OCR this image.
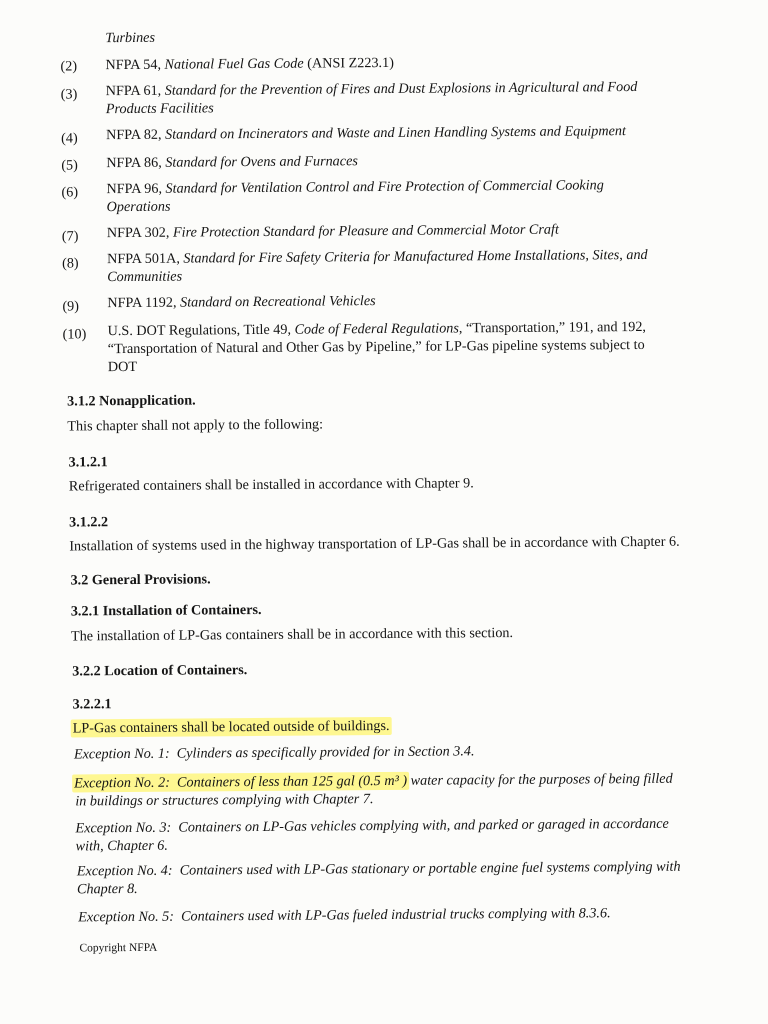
Turbines
(2) NFPA 54, National Fuel Gas Code (ANSI Z223.1)
(3) NFPA 61, Standard for the Prevention of Fires and Dust Explosions in Agricultural and Food
Products Facilities
(4) NFPA 82, Standard on Incinerators and Waste and Linen Handling Systems and Equipment
(5) NFPA 86, Standard for Ovens and Furnaces
(6) NFPA 96, Standard for Ventilation Control and Fire Protection of Commercial Cooking
Operations
(7) NFPA 302, Fire Protection Standard for Pleasure and Commercial Motor Craft
(8) NFPA 501A, Standard for Fire Safety Criteria for Manufactured Home Installations, Sites, and
Communities
(9) NFPA 1192, Standard on Recreational Vehicles
(10) U.S. DOT Regulations, Title 49, Code of Federal Regulations, “Transportation,” 191, and 192,
“Transportation of Natural and Other Gas by Pipeline,” for LP-Gas pipeline systems subject to
DOT
3.1.2 Nonapplication.
This chapter shall not apply to the following:
3.1.2.1
Refrigerated containers shall be installed in accordance with Chapter 9.
3.1.2.2
Installation of systems used in the highway transportation of LP-Gas shall be in accordance with Chapter 6.
3.2 General Provisions.
3.2.1 Installation of Containers.
The installation of LP-Gas containers shall be in accordance with this section.
3.2.2 Location of Containers.
3.2.2.1
LP-Gas containers shall be located outside of buildings.
Exception No. 1: Cylinders as specifically provided for in Section 3.4.
Exception No. 2: Containers of less than 125 gal (0.5 m³ ) water capacity for the purposes of being filled
in buildings or structures complying with Chapter 7.
Exception No. 3: Containers on LP-Gas vehicles complying with, and parked or garaged in accordance
with, Chapter 6.
Exception No. 4: Containers used with LP-Gas stationary or portable engine fuel systems complying with
Chapter 8.
Exception No. 5: Containers used with LP-Gas fueled industrial trucks complying with 8.3.6.
Copyright NFPA
